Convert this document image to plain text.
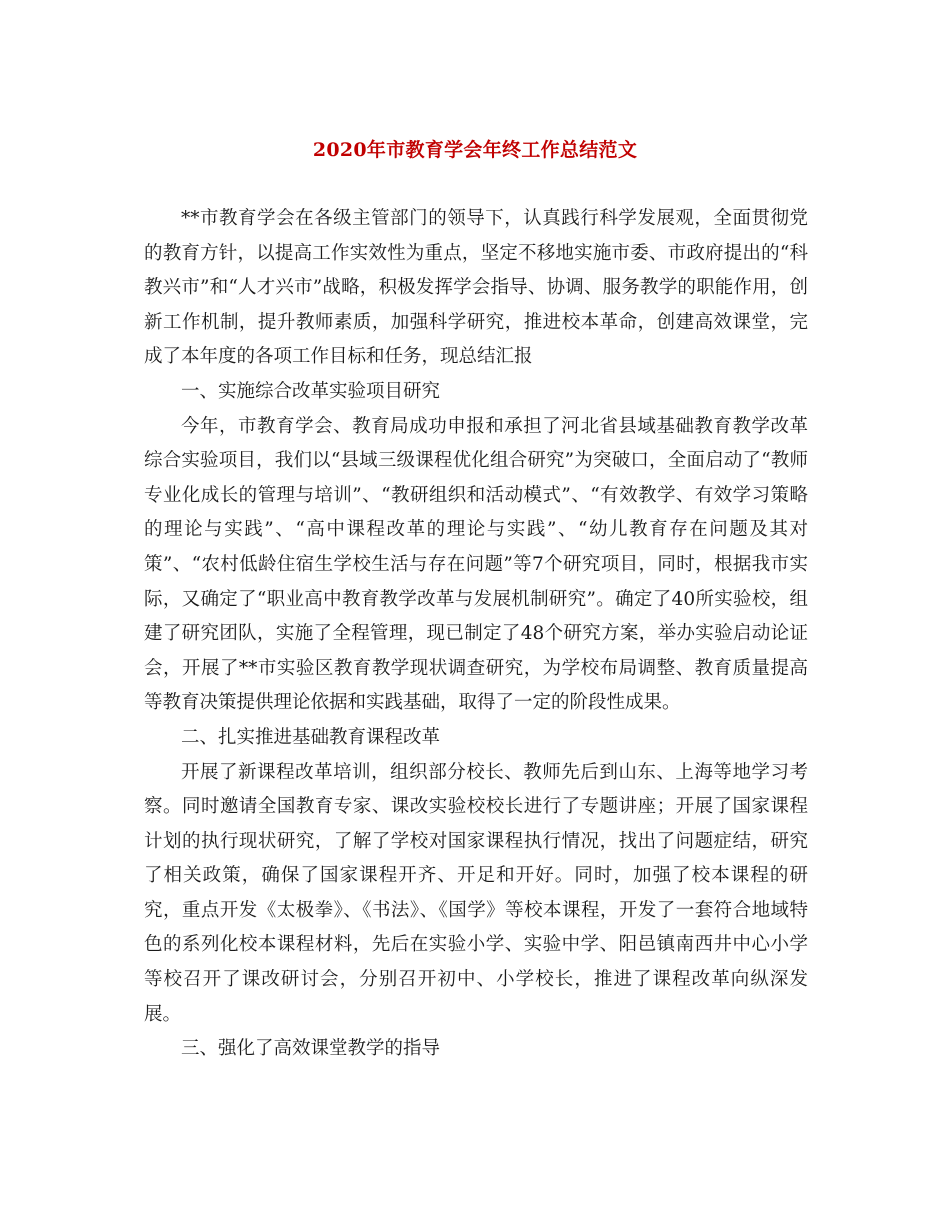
2020年市教育学会年终工作总结范文

**市教育学会在各级主管部门的领导下，认真践行科学发展观，全面贯彻党的教育方针，以提高工作实效性为重点，坚定不移地实施市委、市政府提出的“科教兴市”和“人才兴市”战略，积极发挥学会指导、协调、服务教学的职能作用，创新工作机制，提升教师素质，加强科学研究，推进校本革命，创建高效课堂，完成了本年度的各项工作目标和任务，现总结汇报

一、实施综合改革实验项目研究

今年，市教育学会、教育局成功申报和承担了河北省县域基础教育教学改革综合实验项目，我们以“县域三级课程优化组合研究”为突破口，全面启动了“教师专业化成长的管理与培训”、“教研组织和活动模式”、“有效教学、有效学习策略的理论与实践”、“高中课程改革的理论与实践”、“幼儿教育存在问题及其对策”、“农村低龄住宿生学校生活与存在问题”等7个研究项目，同时，根据我市实际，又确定了“职业高中教育教学改革与发展机制研究”。确定了40所实验校，组建了研究团队，实施了全程管理，现已制定了48个研究方案，举办实验启动论证会，开展了**市实验区教育教学现状调查研究，为学校布局调整、教育质量提高等教育决策提供理论依据和实践基础，取得了一定的阶段性成果。

二、扎实推进基础教育课程改革

开展了新课程改革培训，组织部分校长、教师先后到山东、上海等地学习考察。同时邀请全国教育专家、课改实验校校长进行了专题讲座；开展了国家课程计划的执行现状研究，了解了学校对国家课程执行情况，找出了问题症结，研究了相关政策，确保了国家课程开齐、开足和开好。同时，加强了校本课程的研究，重点开发《太极拳》、《书法》、《国学》等校本课程，开发了一套符合地域特色的系列化校本课程材料，先后在实验小学、实验中学、阳邑镇南西井中心小学等校召开了课改研讨会，分别召开初中、小学校长，推进了课程改革向纵深发展。

三、强化了高效课堂教学的指导
